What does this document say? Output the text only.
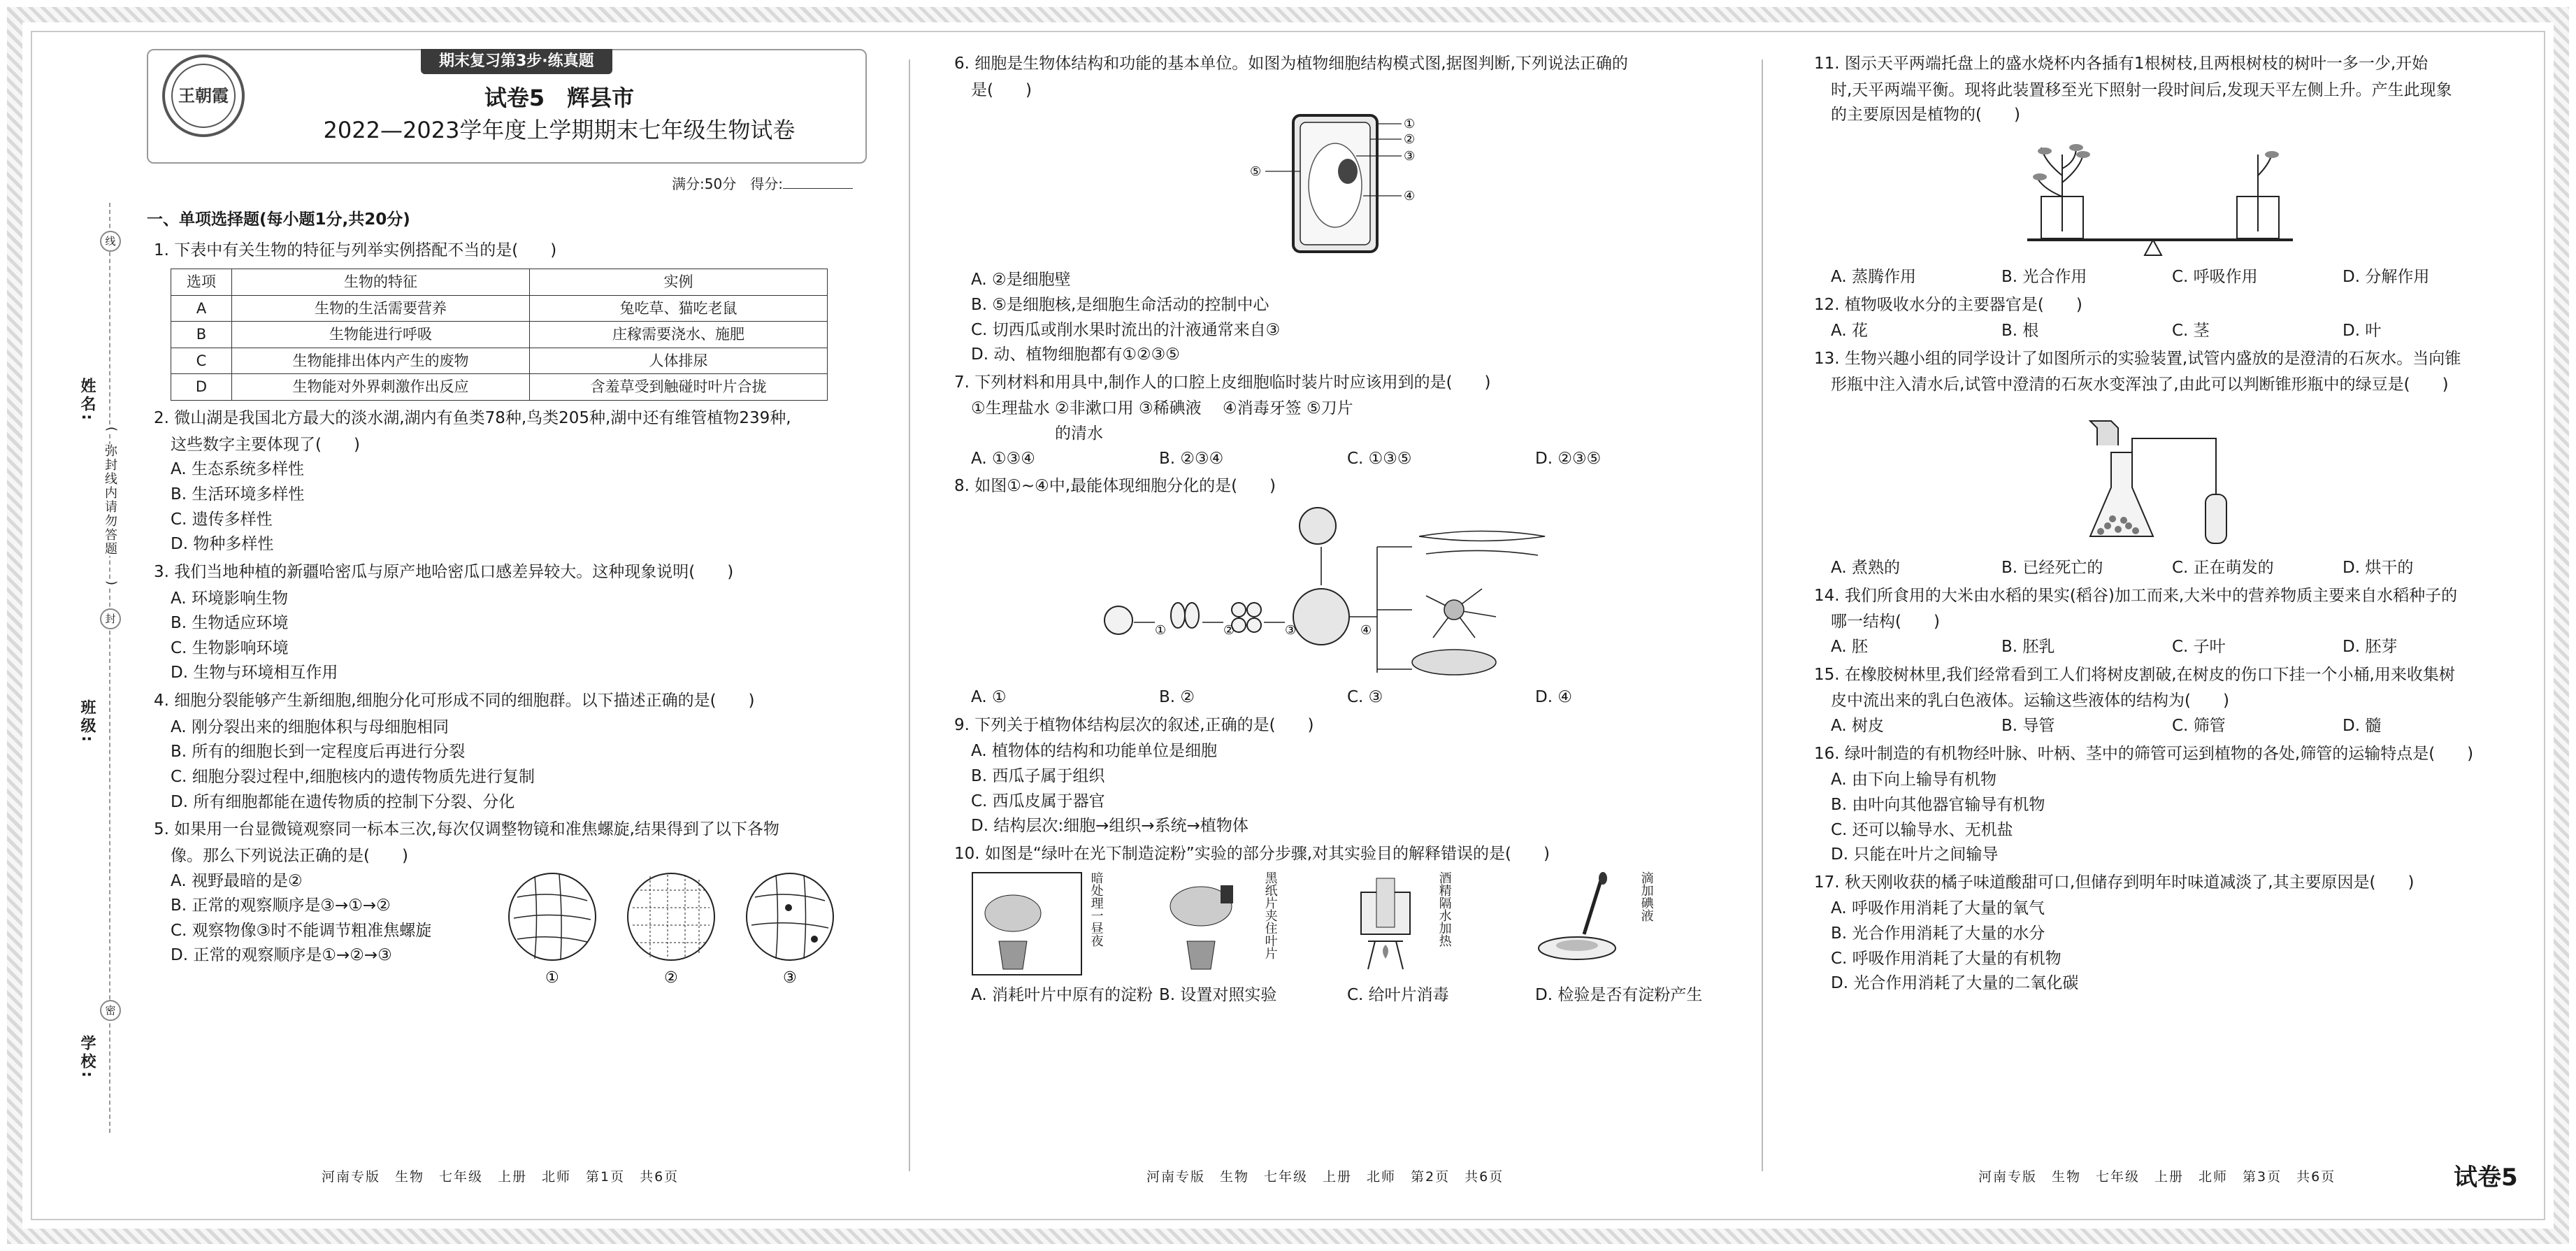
线
封
密
姓名:
班级:
学校:
(
弥封线内请勿答题
)
期末复习第3步·练真题
王朝霞	试卷5　辉县市
2022—2023学年度上学期期末七年级生物试卷
满分:50分　得分:
一、单项选择题(每小题1分,共20分)
1. 下表中有关生物的特征与列举实例搭配不当的是(　　)
选项	生物的特征	实例
A	生物的生活需要营养	兔吃草、猫吃老鼠
B	生物能进行呼吸	庄稼需要浇水、施肥
C	生物能排出体内产生的废物	人体排尿
D	生物能对外界刺激作出反应	含羞草受到触碰时叶片合拢
2. 微山湖是我国北方最大的淡水湖,湖内有鱼类78种,鸟类205种,湖中还有维管植物239种,
这些数字主要体现了(　　)
A. 生态系统多样性
B. 生活环境多样性
C. 遗传多样性
D. 物种多样性
3. 我们当地种植的新疆哈密瓜与原产地哈密瓜口感差异较大。这种现象说明(　　)
A. 环境影响生物
B. 生物适应环境
C. 生物影响环境
D. 生物与环境相互作用
4. 细胞分裂能够产生新细胞,细胞分化可形成不同的细胞群。以下描述正确的是(　　)
A. 刚分裂出来的细胞体积与母细胞相同
B. 所有的细胞长到一定程度后再进行分裂
C. 细胞分裂过程中,细胞核内的遗传物质先进行复制
D. 所有细胞都能在遗传物质的控制下分裂、分化
5. 如果用一台显微镜观察同一标本三次,每次仅调整物镜和准焦螺旋,结果得到了以下各物
像。那么下列说法正确的是(　　)
A. 视野最暗的是②
B. 正常的观察顺序是③→①→②
C. 观察物像③时不能调节粗准焦螺旋
D. 正常的观察顺序是①→②→③
①	②	③
6. 细胞是生物体结构和功能的基本单位。如图为植物细胞结构模式图,据图判断,下列说法正确的
是(　　)
①
②
③
④
⑤
A. ②是细胞壁
B. ⑤是细胞核,是细胞生命活动的控制中心
C. 切西瓜或削水果时流出的汁液通常来自③
D. 动、植物细胞都有①②③⑤
7. 下列材料和用具中,制作人的口腔上皮细胞临时装片时应该用到的是(　　)
①生理盐水 ②非漱口用的清水
③稀碘液	④消毒牙签 ⑤刀片
A. ①③④	B. ②③④	C. ①③⑤	D. ②③⑤
8. 如图①~④中,最能体现细胞分化的是(　　)
①	②	③	④
A. ①	B. ②	C. ③	D. ④
9. 下列关于植物体结构层次的叙述,正确的是(　　)
A. 植物体的结构和功能单位是细胞
B. 西瓜子属于组织
C. 西瓜皮属于器官
D. 结构层次:细胞→组织→系统→植物体
10. 如图是“绿叶在光下制造淀粉”实验的部分步骤,对其实验目的解释错误的是(　　)
暗处理一昼夜	黑纸片夹住叶片	酒精隔水加热	滴加碘液
A. 消耗叶片中原有的淀粉 B. 设置对照实验	C. 给叶片消毒	D. 检验是否有淀粉产生
11. 图示天平两端托盘上的盛水烧杯内各插有1根树枝,且两根树枝的树叶一多一少,开始
时,天平两端平衡。现将此装置移至光下照射一段时间后,发现天平左侧上升。产生此现象
的主要原因是植物的(　　)
A. 蒸腾作用	B. 光合作用	C. 呼吸作用	D. 分解作用
12. 植物吸收水分的主要器官是(　　)
A. 花	B. 根	C. 茎	D. 叶
13. 生物兴趣小组的同学设计了如图所示的实验装置,试管内盛放的是澄清的石灰水。当向锥
形瓶中注入清水后,试管中澄清的石灰水变浑浊了,由此可以判断锥形瓶中的绿豆是(　　)
A. 煮熟的	B. 已经死亡的	C. 正在萌发的	D. 烘干的
14. 我们所食用的大米由水稻的果实(稻谷)加工而来,大米中的营养物质主要来自水稻种子的
哪一结构(　　)
A. 胚	B. 胚乳	C. 子叶	D. 胚芽
15. 在橡胶树林里,我们经常看到工人们将树皮割破,在树皮的伤口下挂一个小桶,用来收集树
皮中流出来的乳白色液体。运输这些液体的结构为(　　)
A. 树皮	B. 导管	C. 筛管	D. 髓
16. 绿叶制造的有机物经叶脉、叶柄、茎中的筛管可运到植物的各处,筛管的运输特点是(　　)
A. 由下向上输导有机物
B. 由叶向其他器官输导有机物
C. 还可以输导水、无机盐
D. 只能在叶片之间输导
17. 秋天刚收获的橘子味道酸甜可口,但储存到明年时味道减淡了,其主要原因是(　　)
A. 呼吸作用消耗了大量的氧气
B. 光合作用消耗了大量的水分
C. 呼吸作用消耗了大量的有机物
D. 光合作用消耗了大量的二氧化碳
河南专版　生物　七年级　上册　北师　第1页　共6页	河南专版　生物　七年级　上册　北师　第2页　共6页	河南专版　生物　七年级　上册　北师　第3页　共6页	试卷5
